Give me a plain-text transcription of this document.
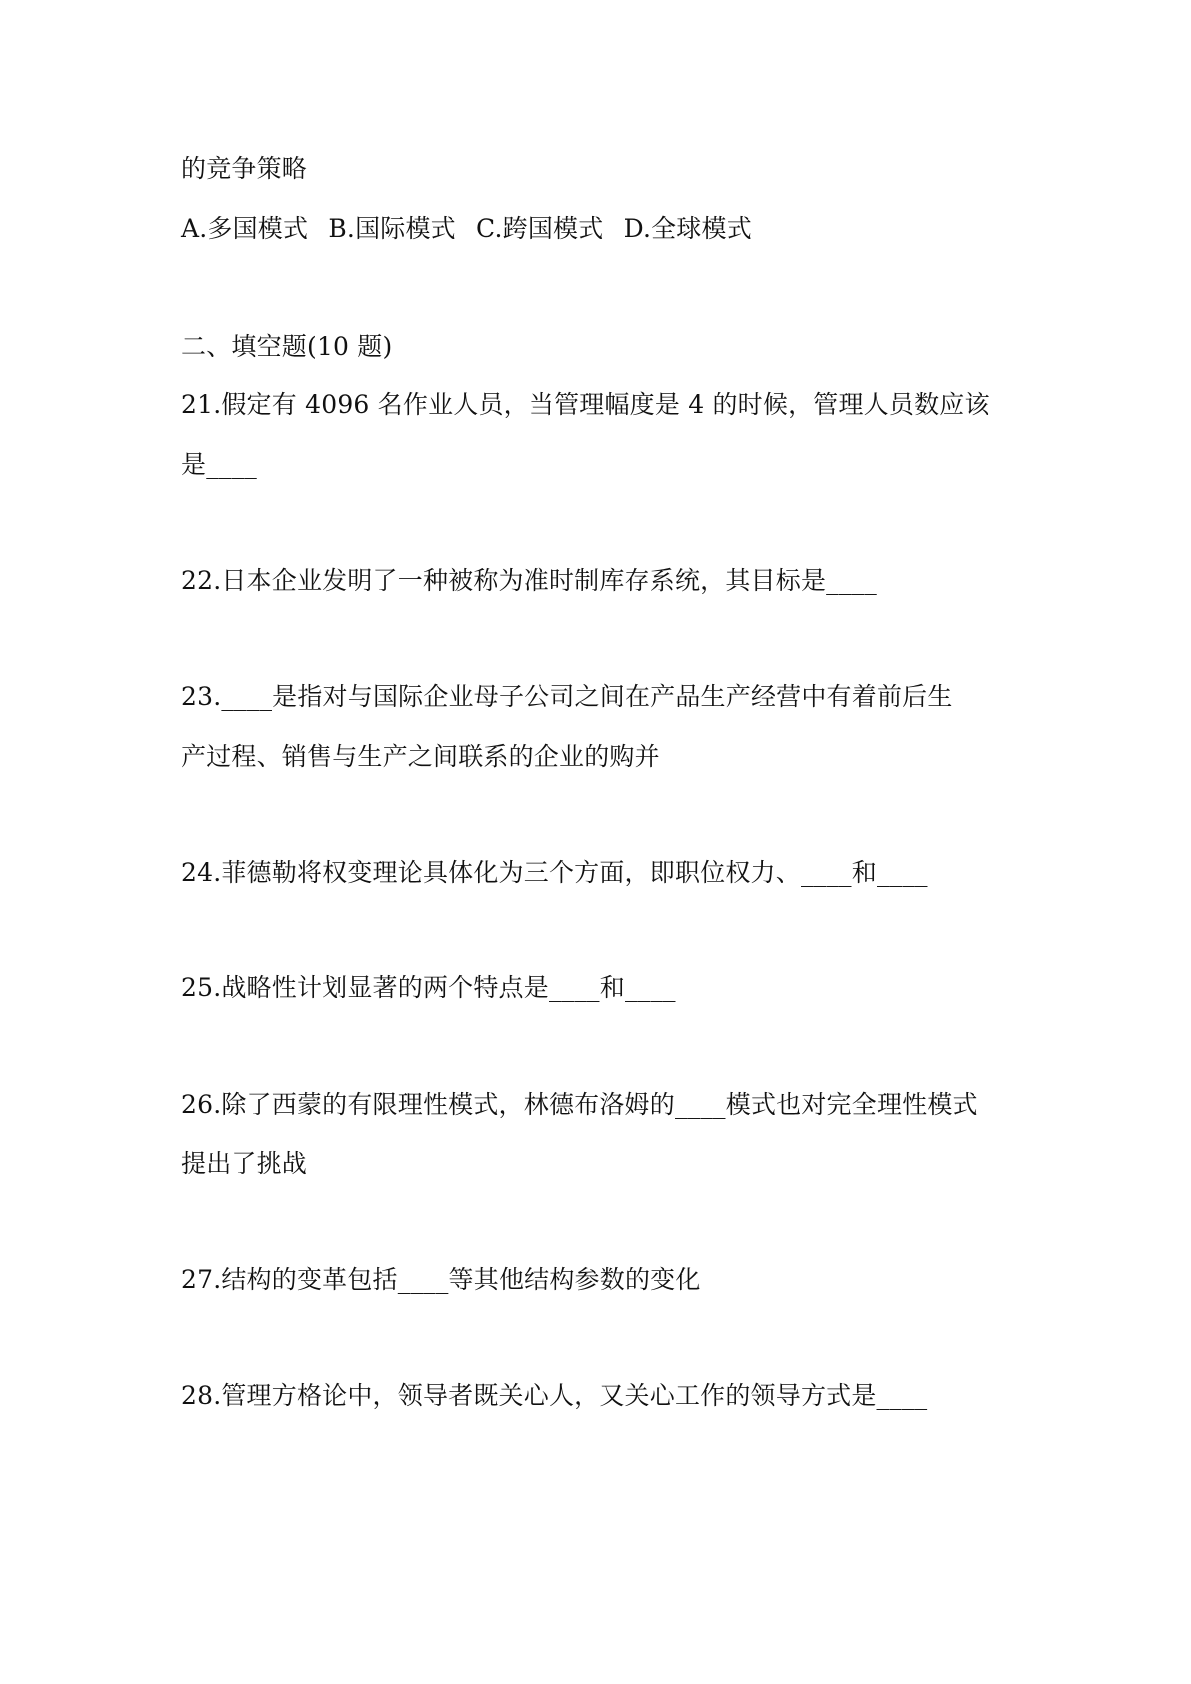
的竞争策略
A.多国模式 B.国际模式 C.跨国模式 D.全球模式
二、填空题(10 题)
21.假定有 4096 名作业人员，当管理幅度是 4 的时候，管理人员数应该
是____
22.日本企业发明了一种被称为准时制库存系统，其目标是____
23.____是指对与国际企业母子公司之间在产品生产经营中有着前后生
产过程、销售与生产之间联系的企业的购并
24.菲德勒将权变理论具体化为三个方面，即职位权力、____和____
25.战略性计划显著的两个特点是____和____
26.除了西蒙的有限理性模式，林德布洛姆的____模式也对完全理性模式
提出了挑战
27.结构的变革包括____等其他结构参数的变化
28.管理方格论中，领导者既关心人，又关心工作的领导方式是____
